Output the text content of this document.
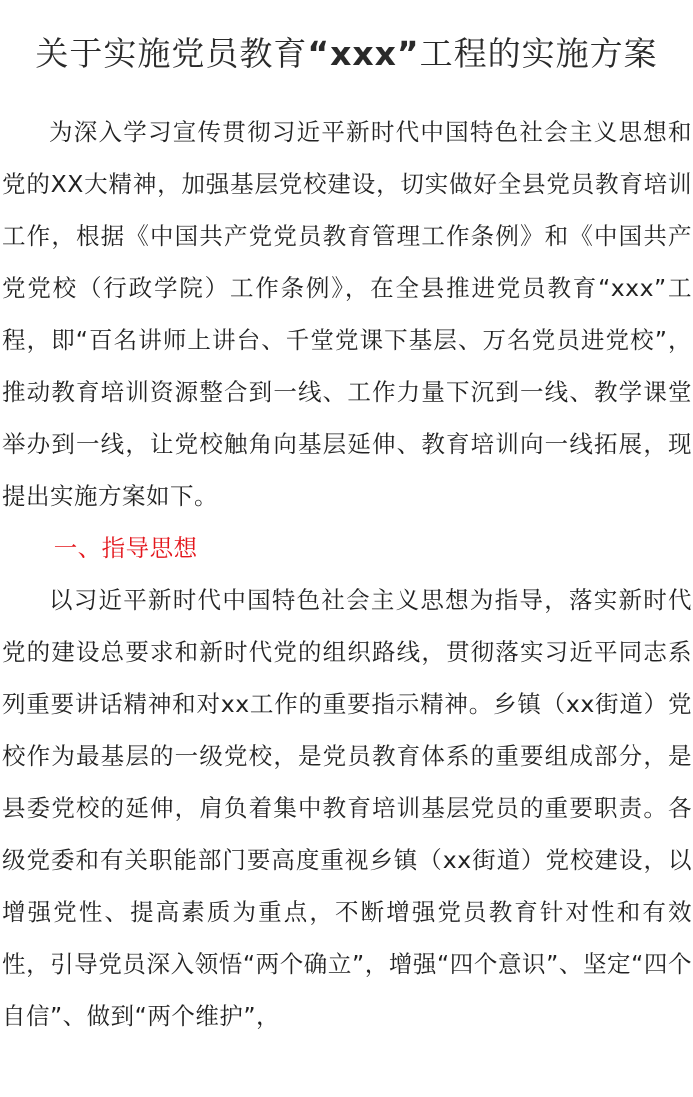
关于实施党员教育“xxx”工程的实施方案

为深入学习宣传贯彻习近平新时代中国特色社会主义思想和党的XX大精神，加强基层党校建设，切实做好全县党员教育培训工作，根据《中国共产党党员教育管理工作条例》和《中国共产党党校（行政学院）工作条例》，在全县推进党员教育“xxx”工程，即“百名讲师上讲台、千堂党课下基层、万名党员进党校”，推动教育培训资源整合到一线、工作力量下沉到一线、教学课堂举办到一线，让党校触角向基层延伸、教育培训向一线拓展，现提出实施方案如下。

一、指导思想

以习近平新时代中国特色社会主义思想为指导，落实新时代党的建设总要求和新时代党的组织路线，贯彻落实习近平同志系列重要讲话精神和对xx工作的重要指示精神。乡镇（xx街道）党校作为最基层的一级党校，是党员教育体系的重要组成部分，是县委党校的延伸，肩负着集中教育培训基层党员的重要职责。各级党委和有关职能部门要高度重视乡镇（xx街道）党校建设，以增强党性、提高素质为重点，不断增强党员教育针对性和有效性，引导党员深入领悟“两个确立”，增强“四个意识”、坚定“四个自信”、做到“两个维护”，
